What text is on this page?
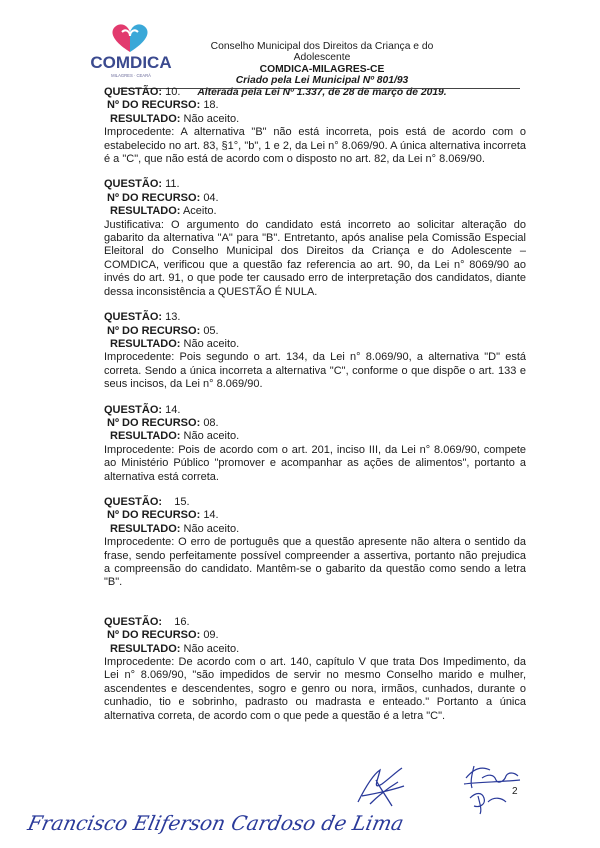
COMDICA
MILAGRES · CEARÁ
Conselho Municipal dos Direitos da Criança e do Adolescente
COMDICA-MILAGRES-CE
Criado pela Lei Municipal Nº 801/93
Alterada pela Lei Nº 1.337, de 28 de março de 2019.
QUESTÃO: 10.
Nº DO RECURSO: 18.
RESULTADO: Não aceito.
Improcedente: A alternativa "B" não está incorreta, pois está de acordo com o estabelecido no art. 83, §1°, "b", 1 e 2, da Lei n° 8.069/90. A única alternativa incorreta é a "C", que não está de acordo com o disposto no art. 82, da Lei n° 8.069/90.
QUESTÃO: 11.
Nº DO RECURSO: 04.
RESULTADO: Aceito.
Justificativa: O argumento do candidato está incorreto ao solicitar alteração do gabarito da alternativa "A" para "B". Entretanto, após analise pela Comissão Especial Eleitoral do Conselho Municipal dos Direitos da Criança e do Adolescente – COMDICA, verificou que a questão faz referencia ao art. 90, da Lei n° 8069/90 ao invés do art. 91, o que pode ter causado erro de interpretação dos candidatos, diante dessa inconsistência a QUESTÃO É NULA.
QUESTÃO: 13.
Nº DO RECURSO: 05.
RESULTADO: Não aceito.
Improcedente: Pois segundo o art. 134, da Lei n° 8.069/90, a alternativa "D" está correta. Sendo a única incorreta a alternativa "C", conforme o que dispõe o art. 133 e seus incisos, da Lei n° 8.069/90.
QUESTÃO: 14.
Nº DO RECURSO: 08.
RESULTADO: Não aceito.
Improcedente: Pois de acordo com o art. 201, inciso III, da Lei n° 8.069/90, compete ao Ministério Público "promover e acompanhar as ações de alimentos", portanto a alternativa está correta.
QUESTÃO: 15.
Nº DO RECURSO: 14.
RESULTADO: Não aceito.
Improcedente: O erro de português que a questão apresente não altera o sentido da frase, sendo perfeitamente possível compreender a assertiva, portanto não prejudica a compreensão do candidato. Mantêm-se o gabarito da questão como sendo a letra "B".
QUESTÃO: 16.
Nº DO RECURSO: 09.
RESULTADO: Não aceito.
Improcedente: De acordo com o art. 140, capítulo V que trata Dos Impedimento, da Lei n° 8.069/90, "são impedidos de servir no mesmo Conselho marido e mulher, ascendentes e descendentes, sogro e genro ou nora, irmãos, cunhados, durante o cunhadio, tio e sobrinho, padrasto ou madrasta e enteado." Portanto a única alternativa correta, de acordo com o que pede a questão é a letra "C".
2
Francisco Eliferson Cardoso de Lima
